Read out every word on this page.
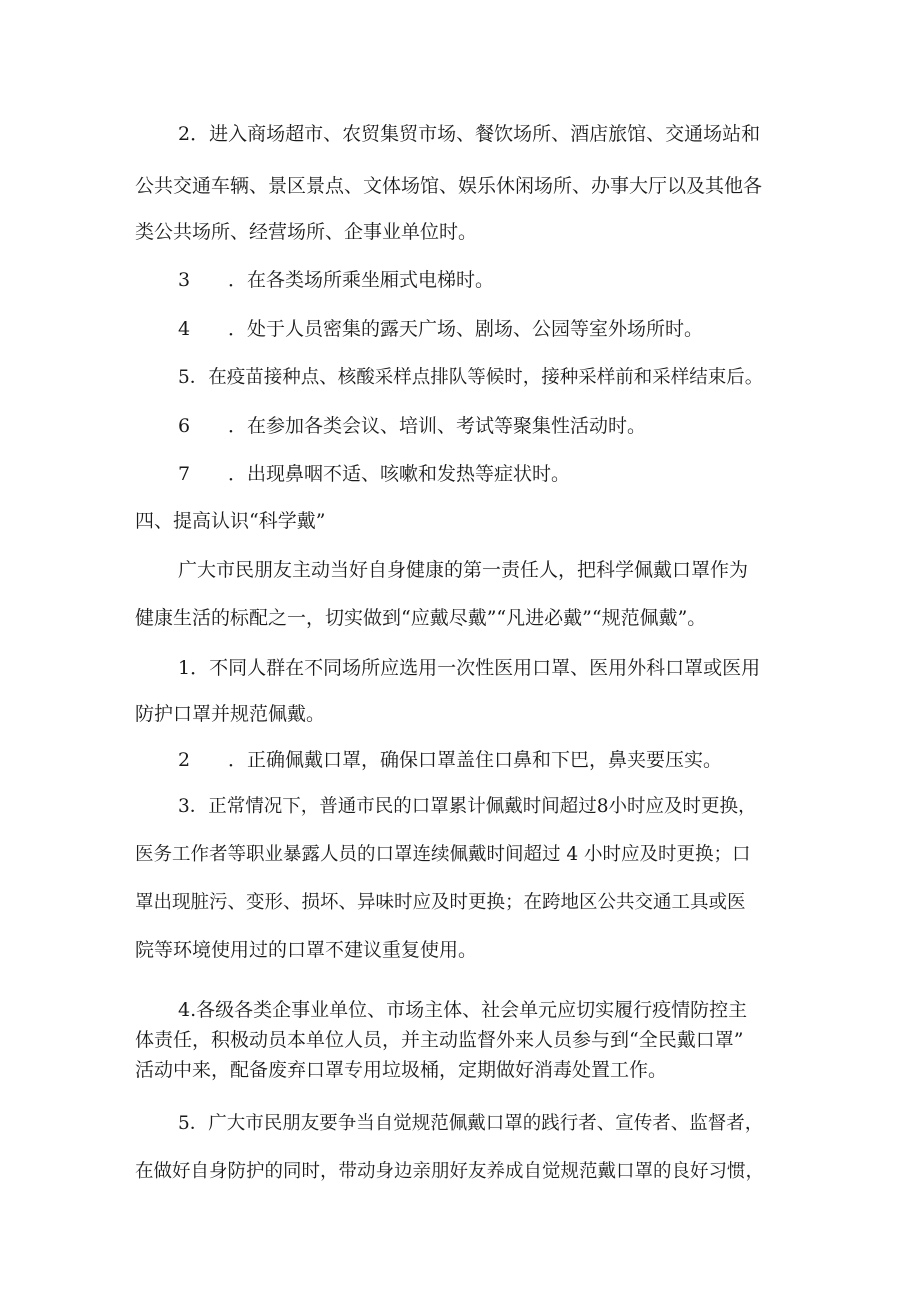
2．进入商场超市、农贸集贸市场、餐饮场所、酒店旅馆、交通场站和
公共交通车辆、景区景点、文体场馆、娱乐休闲场所、办事大厅以及其他各
类公共场所、经营场所、企事业单位时。
3 ．在各类场所乘坐厢式电梯时。
4 ．处于人员密集的露天广场、剧场、公园等室外场所时。
5．在疫苗接种点、核酸采样点排队等候时，接种采样前和采样结束后。
6 ．在参加各类会议、培训、考试等聚集性活动时。
7 ．出现鼻咽不适、咳嗽和发热等症状时。
四、提高认识“科学戴”
广大市民朋友主动当好自身健康的第一责任人，把科学佩戴口罩作为
健康生活的标配之一，切实做到“应戴尽戴”“凡进必戴”“规范佩戴”。
1．不同人群在不同场所应选用一次性医用口罩、医用外科口罩或医用
防护口罩并规范佩戴。
2 ．正确佩戴口罩，确保口罩盖住口鼻和下巴，鼻夹要压实。
3．正常情况下，普通市民的口罩累计佩戴时间超过8小时应及时更换，
医务工作者等职业暴露人员的口罩连续佩戴时间超过 4 小时应及时更换；口
罩出现脏污、变形、损坏、异味时应及时更换；在跨地区公共交通工具或医
院等环境使用过的口罩不建议重复使用。
4.各级各类企事业单位、市场主体、社会单元应切实履行疫情防控主
体责任，积极动员本单位人员，并主动监督外来人员参与到“全民戴口罩”
活动中来，配备废弃口罩专用垃圾桶，定期做好消毒处置工作。
5．广大市民朋友要争当自觉规范佩戴口罩的践行者、宣传者、监督者，
在做好自身防护的同时，带动身边亲朋好友养成自觉规范戴口罩的良好习惯，
